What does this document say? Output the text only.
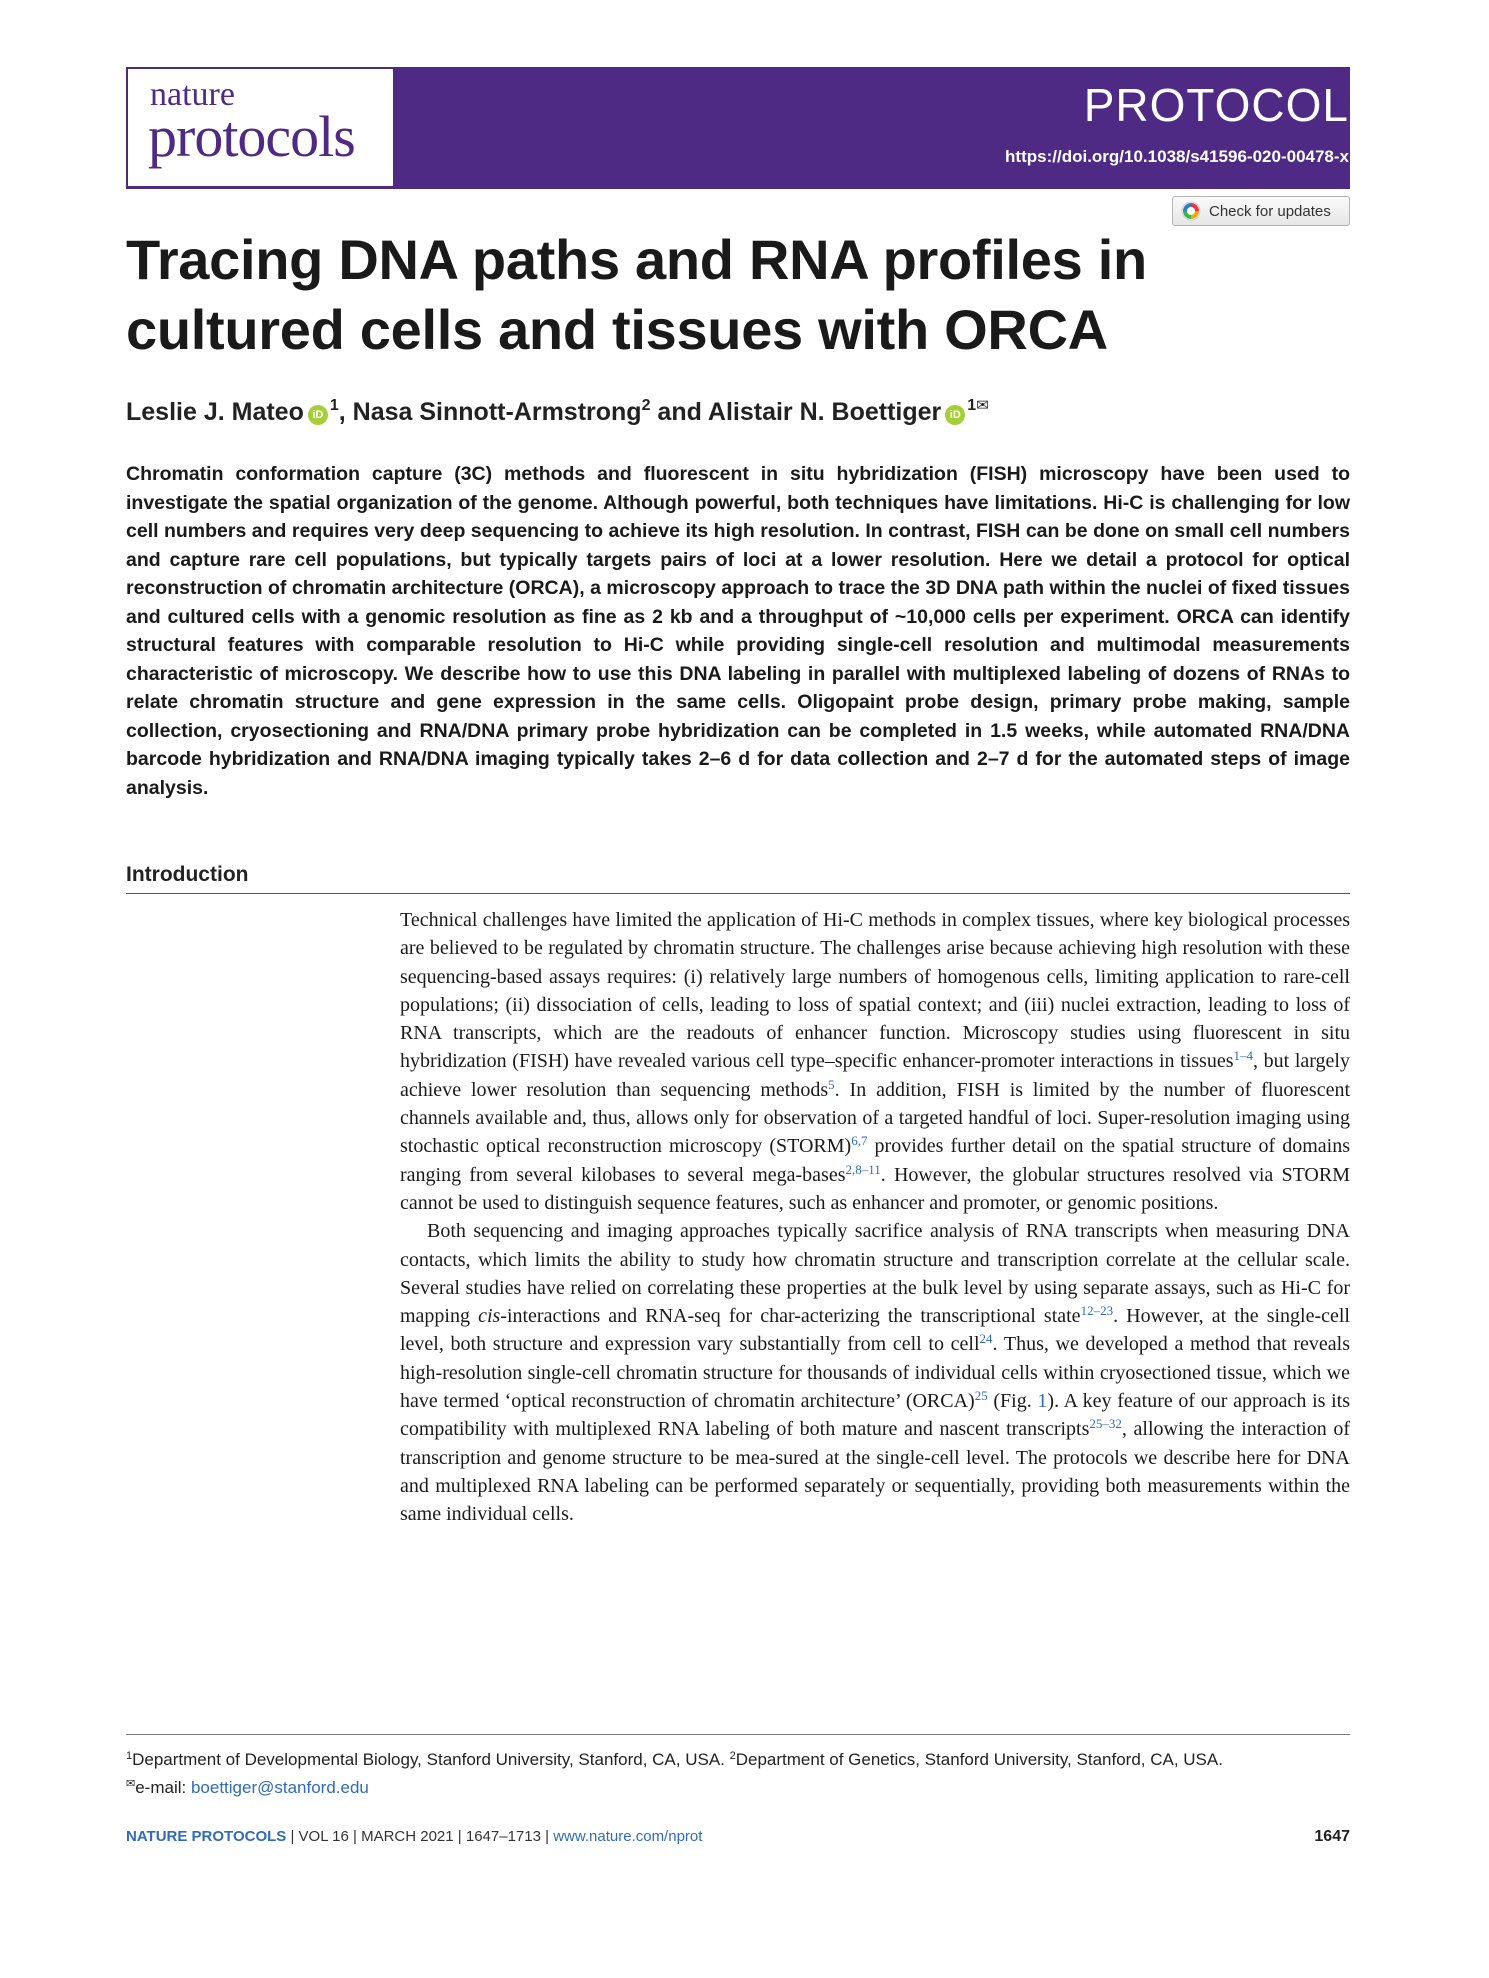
nature
protocols	PROTOCOL
https://doi.org/10.1038/s41596-020-00478-x
Check for updates
Tracing DNA paths and RNA profiles in cultured cells and tissues with ORCA
Leslie J. Mateo $iD^1$, Nasa Sinnott-Armstrong$^2$ and Alistair N. Boettiger $iD^{1✉}$

Chromatin conformation capture (3C) methods and fluorescent in situ hybridization (FISH) microscopy have been used to investigate the spatial organization of the genome. Although powerful, both techniques have limitations. Hi-C is challenging for low cell numbers and requires very deep sequencing to achieve its high resolution. In contrast, FISH can be done on small cell numbers and capture rare cell populations, but typically targets pairs of loci at a lower resolution. Here we detail a protocol for optical reconstruction of chromatin architecture (ORCA), a microscopy approach to trace the 3D DNA path within the nuclei of fixed tissues and cultured cells with a genomic resolution as fine as 2 kb and a throughput of ~10,000 cells per experiment. ORCA can identify structural features with comparable resolution to Hi-C while providing single-cell resolution and multimodal measurements characteristic of microscopy. We describe how to use this DNA labeling in parallel with multiplexed labeling of dozens of RNAs to relate chromatin structure and gene expression in the same cells. Oligopaint probe design, primary probe making, sample collection, cryosectioning and RNA/DNA primary probe hybridization can be completed in 1.5 weeks, while automated RNA/DNA barcode hybridization and RNA/DNA imaging typically takes 2–6 d for data collection and 2–7 d for the automated steps of image analysis.

Introduction

Technical challenges have limited the application of Hi-C methods in complex tissues, where key biological processes are believed to be regulated by chromatin structure. The challenges arise because achieving high resolution with these sequencing-based assays requires: (i) relatively large numbers of homogenous cells, limiting application to rare-cell populations; (ii) dissociation of cells, leading to loss of spatial context; and (iii) nuclei extraction, leading to loss of RNA transcripts, which are the readouts of enhancer function. Microscopy studies using fluorescent in situ hybridization (FISH) have revealed various cell type–specific enhancer-promoter interactions in tissues$^{1-4}$, but largely achieve lower resolution than sequencing methods$^5$. In addition, FISH is limited by the number of fluorescent channels available and, thus, allows only for observation of a targeted handful of loci. Super-resolution imaging using stochastic optical reconstruction microscopy (STORM)$^{6,7}$ provides further detail on the spatial structure of domains ranging from several kilobases to several mega-bases$^{2,8-11}$. However, the globular structures resolved via STORM cannot be used to distinguish sequence features, such as enhancer and promoter, or genomic positions.

Both sequencing and imaging approaches typically sacrifice analysis of RNA transcripts when measuring DNA contacts, which limits the ability to study how chromatin structure and transcription correlate at the cellular scale. Several studies have relied on correlating these properties at the bulk level by using separate assays, such as Hi-C for mapping cis-interactions and RNA-seq for char-acterizing the transcriptional state$^{12-23}$. However, at the single-cell level, both structure and expression vary substantially from cell to cell$^{24}$. Thus, we developed a method that reveals high-resolution single-cell chromatin structure for thousands of individual cells within cryosectioned tissue, which we have termed ‘optical reconstruction of chromatin architecture’ (ORCA)$^{25}$ (Fig. 1). A key feature of our approach is its compatibility with multiplexed RNA labeling of both mature and nascent transcripts$^{25-32}$, allowing the interaction of transcription and genome structure to be mea-sured at the single-cell level. The protocols we describe here for DNA and multiplexed RNA labeling can be performed separately or sequentially, providing both measurements within the same individual cells.

$^1$Department of Developmental Biology, Stanford University, Stanford, CA, USA. $^2$Department of Genetics, Stanford University, Stanford, CA, USA.
✉e-mail: boettiger@stanford.edu
NATURE PROTOCOLS | VOL 16 | MARCH 2021 | 1647–1713 | www.nature.com/nprot	1647
